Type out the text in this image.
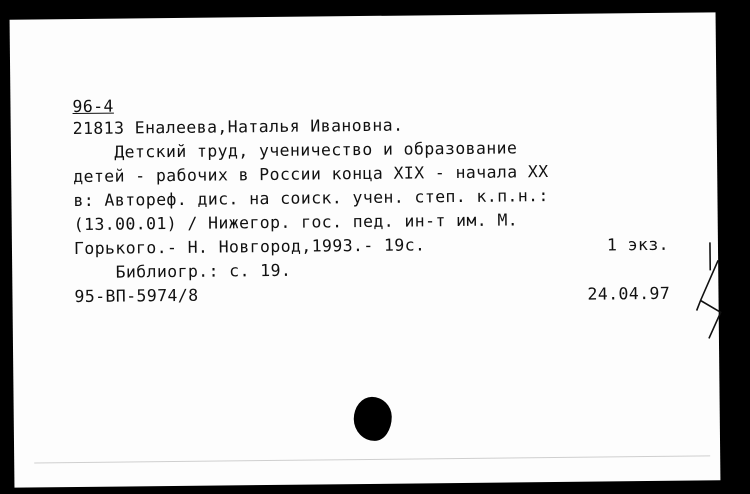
96-4
21813 Еналеева,Наталья Ивановна.
Детский труд, ученичество и образование
детей - рабочих в России конца XIX - начала XX
в: Автореф. дис. на соиск. учен. степ. к.п.н.:
(13.00.01) / Нижегор. гос. пед. ин-т им. М.
Горького.- Н. Новгород,1993.- 19с.
Библиогр.: с. 19.
95-ВП-5974/8
1 экз.
24.04.97
